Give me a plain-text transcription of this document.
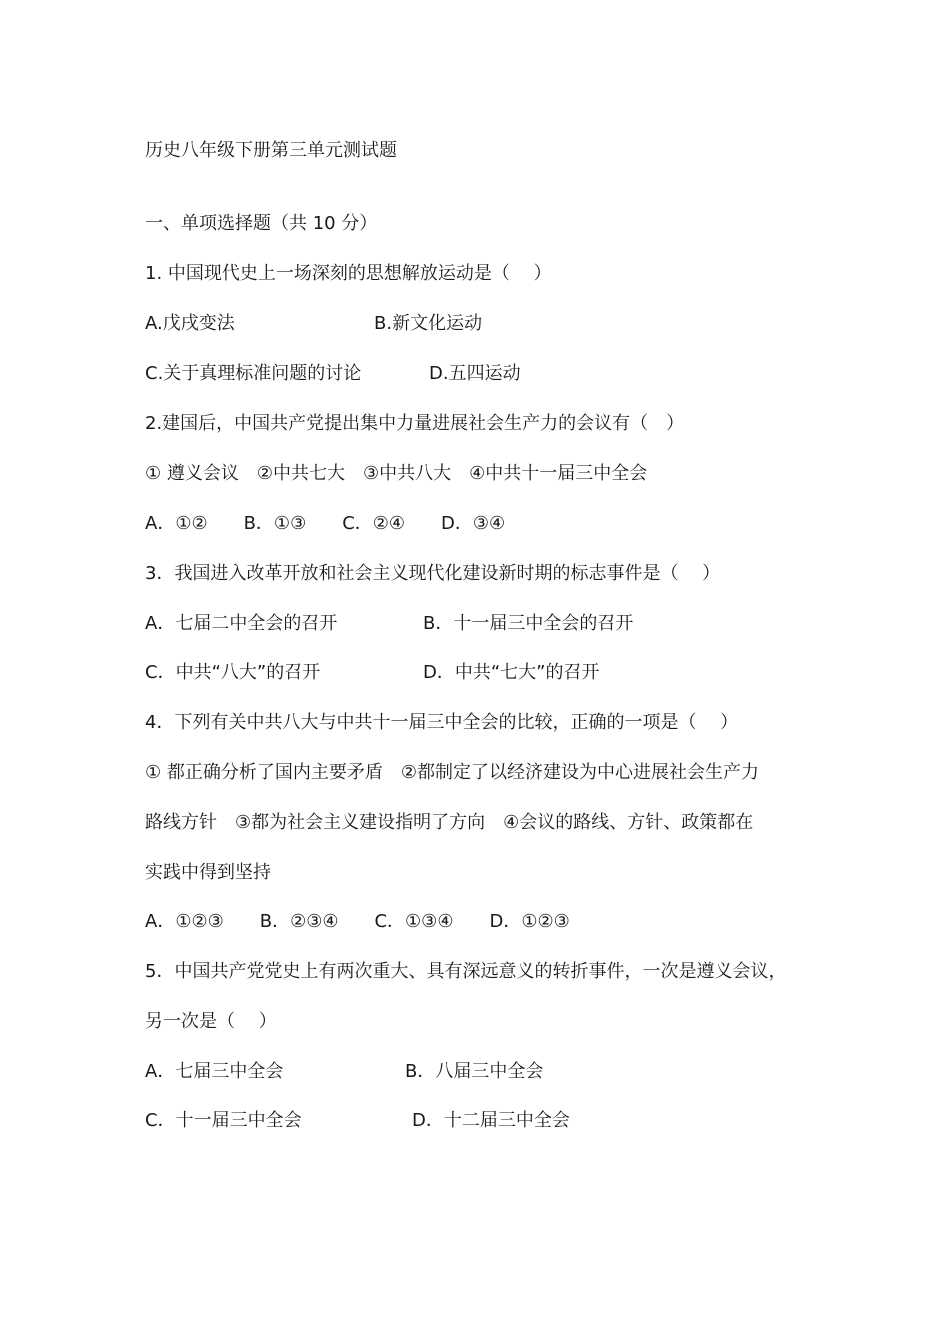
历史八年级下册第三单元测试题
一、单项选择题（共 10 分）
1. 中国现代史上一场深刻的思想解放运动是（　 ）
A.戊戌变法	B.新文化运动
C.关于真理标准问题的讨论	D.五四运动
2.建国后，中国共产党提出集中力量进展社会生产力的会议有（　）
① 遵义会议　②中共七大　③中共八大　④中共十一届三中全会
A．①②　　B．①③　　C．②④　　D．③④
3．我国进入改革开放和社会主义现代化建设新时期的标志事件是（　 ）
A．七届二中全会的召开	B．十一届三中全会的召开
C．中共“八大”的召开	D．中共“七大”的召开
4．下列有关中共八大与中共十一届三中全会的比较，正确的一项是（　 ）
① 都正确分析了国内主要矛盾　②都制定了以经济建设为中心进展社会生产力
路线方针　③都为社会主义建设指明了方向　④会议的路线、方针、政策都在
实践中得到坚持
A．①②③　　B．②③④　　C．①③④　　D．①②③
5．中国共产党党史上有两次重大、具有深远意义的转折事件，一次是遵义会议，
另一次是（　 ）
A．七届三中全会	B．八届三中全会
C．十一届三中全会	D．十二届三中全会
